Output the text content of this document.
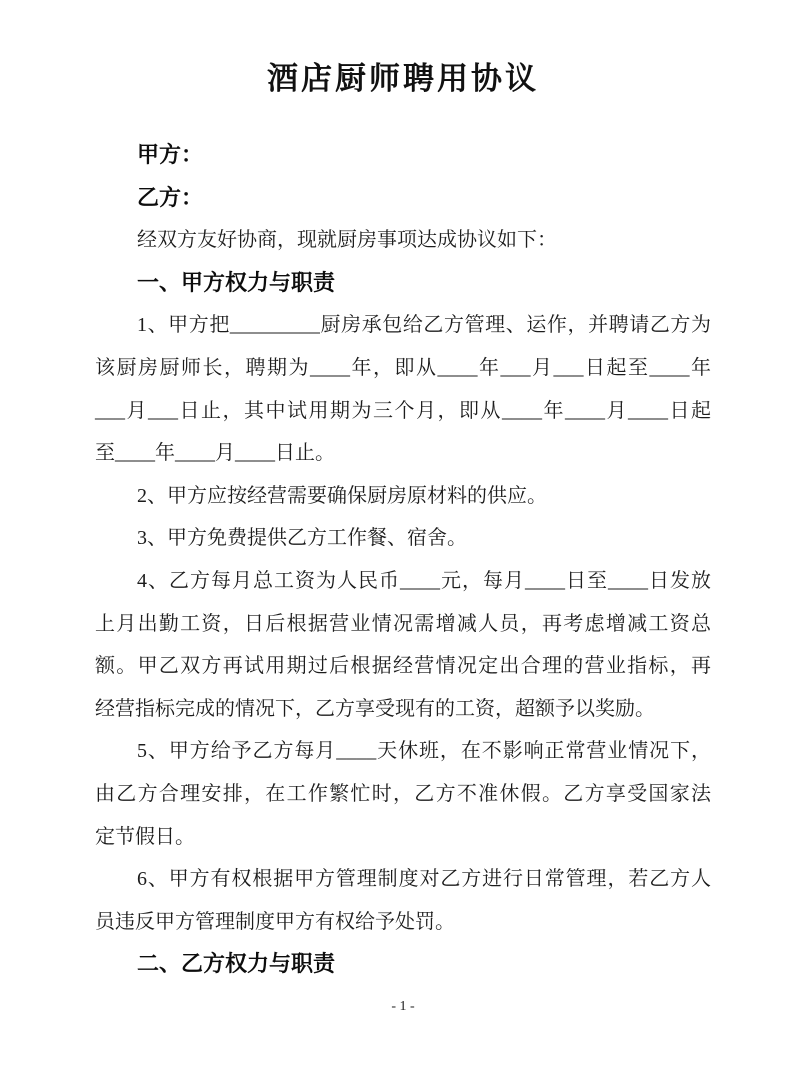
酒店厨师聘用协议
甲方：
乙方：
经双方友好协商，现就厨房事项达成协议如下：
一、甲方权力与职责
1、甲方把_________厨房承包给乙方管理、运作，并聘请乙方为
该厨房厨师长，聘期为____年，即从____年___月___日起至____年
___月___日止，其中试用期为三个月，即从____年____月____日起
至____年____月____日止。
2、甲方应按经营需要确保厨房原材料的供应。
3、甲方免费提供乙方工作餐、宿舍。
4、乙方每月总工资为人民币____元，每月____日至____日发放
上月出勤工资，日后根据营业情况需增减人员，再考虑增减工资总
额。甲乙双方再试用期过后根据经营情况定出合理的营业指标，再
经营指标完成的情况下，乙方享受现有的工资，超额予以奖励。
5、甲方给予乙方每月____天休班，在不影响正常营业情况下，
由乙方合理安排，在工作繁忙时，乙方不准休假。乙方享受国家法
定节假日。
6、甲方有权根据甲方管理制度对乙方进行日常管理，若乙方人
员违反甲方管理制度甲方有权给予处罚。
二、乙方权力与职责
- 1 -
